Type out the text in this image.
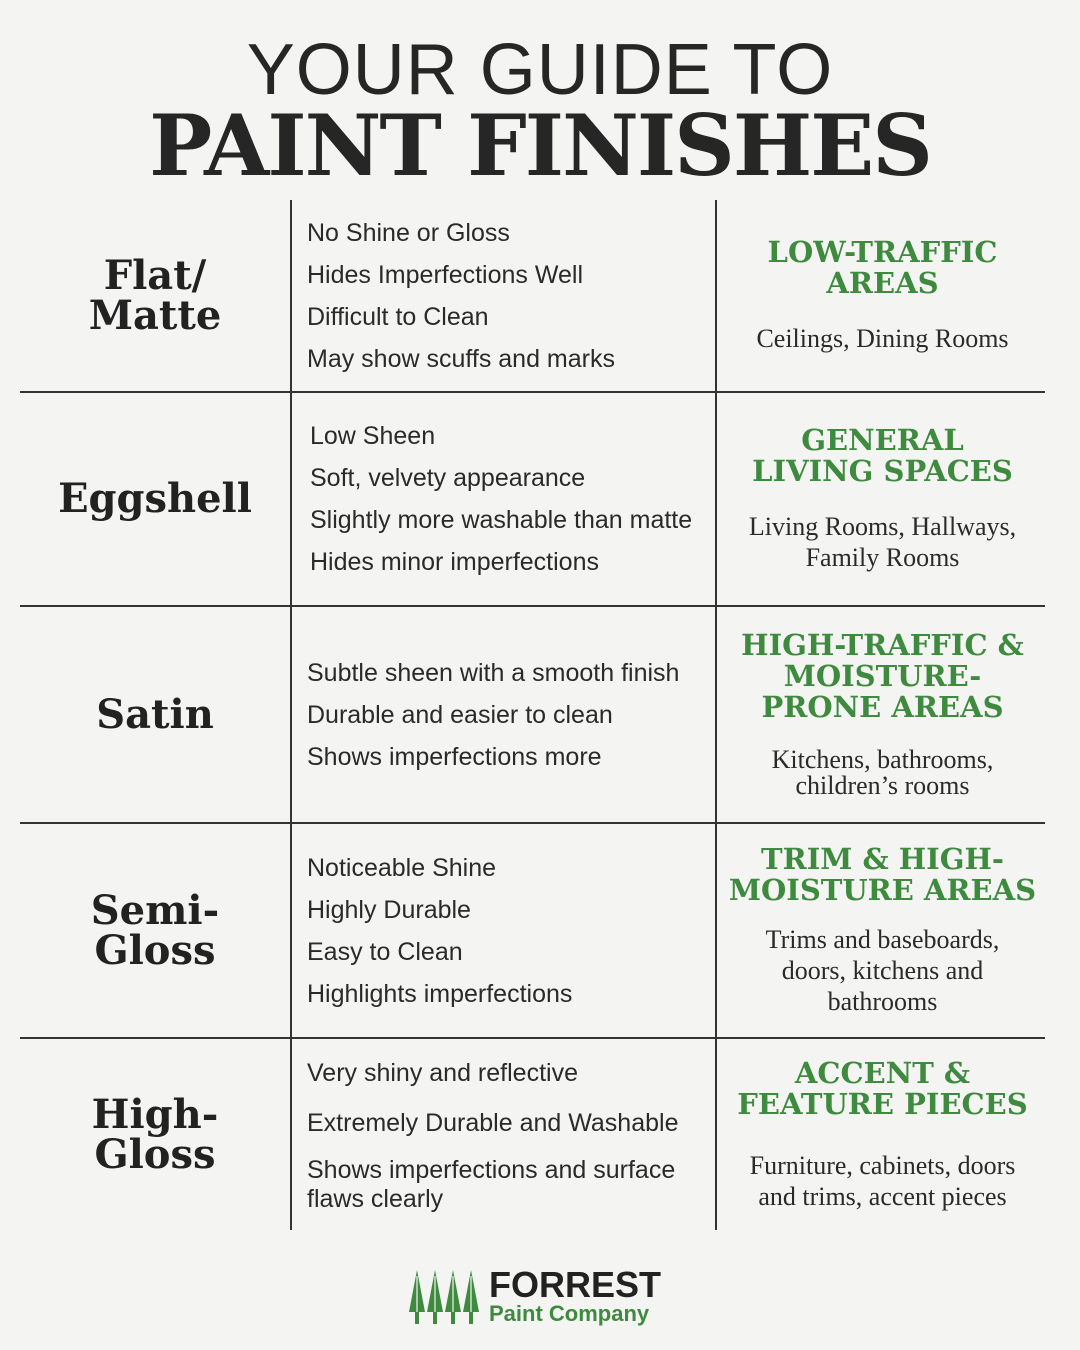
YOUR GUIDE TO
PAINT FINISHES
Flat/
Matte
No Shine or Gloss
Hides Imperfections Well
Difficult to Clean
May show scuffs and marks
LOW-TRAFFIC
AREAS
Ceilings, Dining Rooms
Eggshell
Low Sheen
Soft, velvety appearance
Slightly more washable than matte
Hides minor imperfections
GENERAL
LIVING SPACES
Living Rooms, Hallways,
Family Rooms
Satin
Subtle sheen with a smooth finish
Durable and easier to clean
Shows imperfections more
HIGH-TRAFFIC &
MOISTURE-
PRONE AREAS
Kitchens, bathrooms,
children’s rooms
Semi-
Gloss
Noticeable Shine
Highly Durable
Easy to Clean
Highlights imperfections
TRIM & HIGH-
MOISTURE AREAS
Trims and baseboards,
doors, kitchens and
bathrooms
High-
Gloss
Very shiny and reflective
Extremely Durable and Washable
Shows imperfections and surface flaws clearly
ACCENT &
FEATURE PIECES
Furniture, cabinets, doors
and trims, accent pieces
FORREST
Paint Company
